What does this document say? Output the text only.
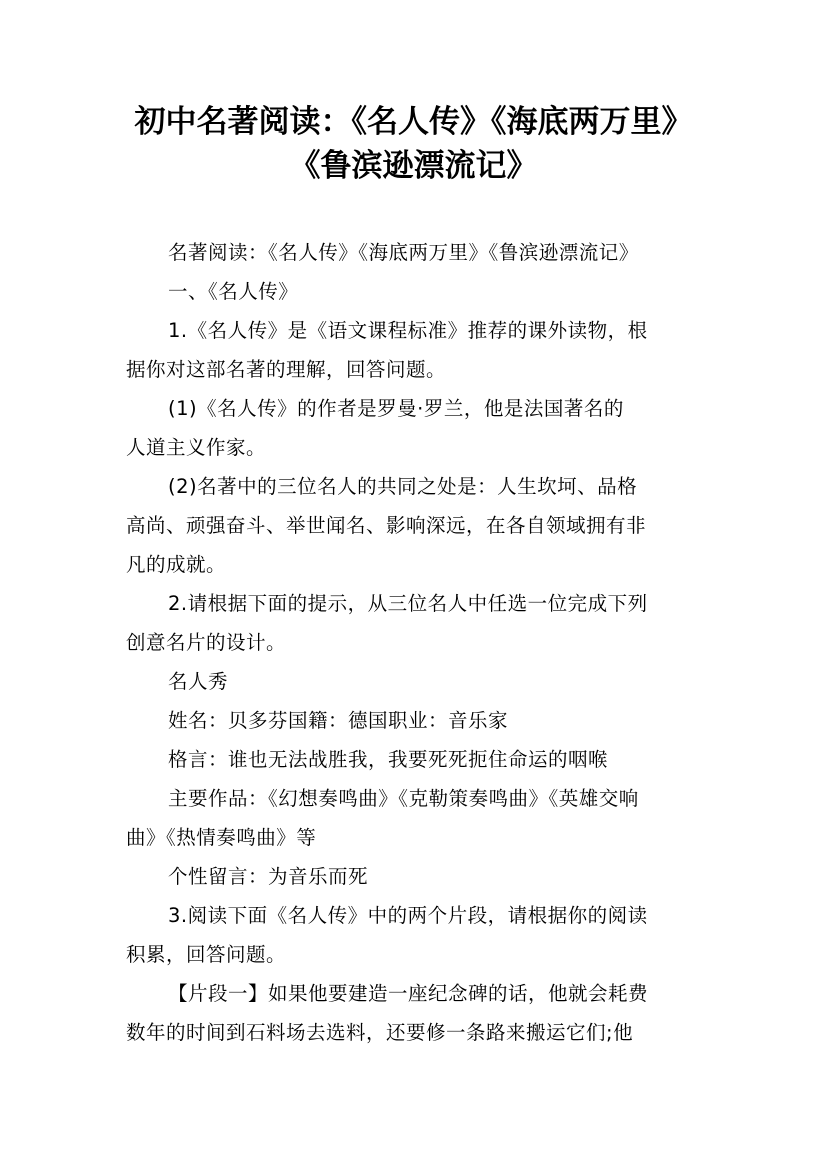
初中名著阅读：《名人传》《海底两万里》
《鲁滨逊漂流记》
名著阅读：《名人传》《海底两万里》《鲁滨逊漂流记》
一、《名人传》
1.《名人传》是《语文课程标准》推荐的课外读物，根
据你对这部名著的理解，回答问题。
(1)《名人传》的作者是罗曼·罗兰，他是法国著名的
人道主义作家。
(2)名著中的三位名人的共同之处是：人生坎坷、品格
高尚、顽强奋斗、举世闻名、影响深远，在各自领域拥有非
凡的成就。
2.请根据下面的提示，从三位名人中任选一位完成下列
创意名片的设计。
名人秀
姓名：贝多芬国籍：德国职业：音乐家
格言：谁也无法战胜我，我要死死扼住命运的咽喉
主要作品：《幻想奏鸣曲》《克勒策奏鸣曲》《英雄交响
曲》《热情奏鸣曲》等
个性留言：为音乐而死
3.阅读下面《名人传》中的两个片段，请根据你的阅读
积累，回答问题。
【片段一】如果他要建造一座纪念碑的话，他就会耗费
数年的时间到石料场去选料，还要修一条路来搬运它们;他
